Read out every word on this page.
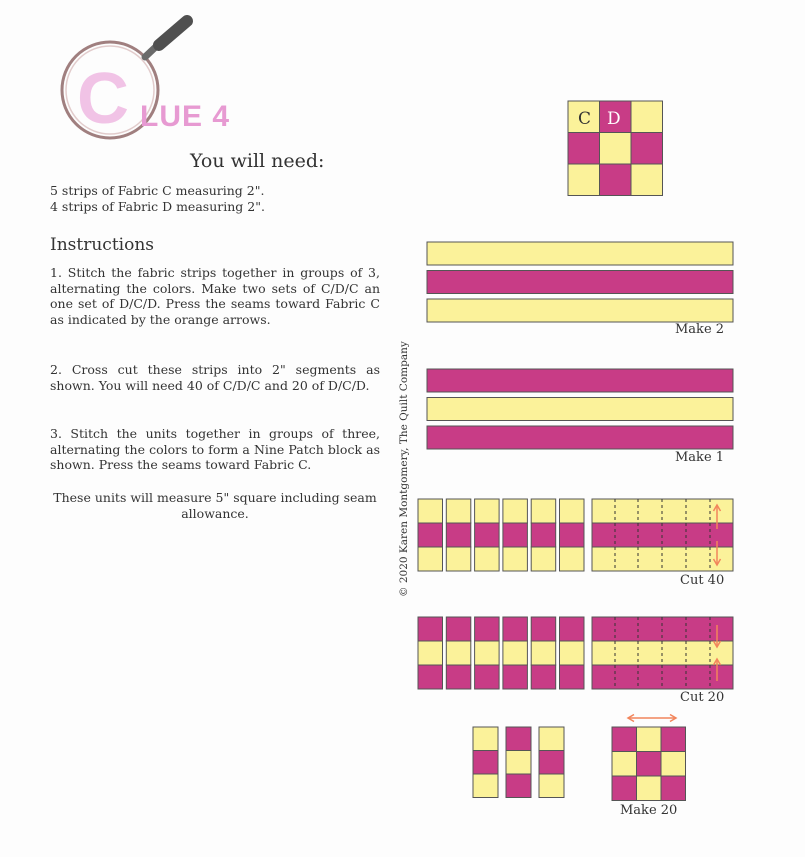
C LUE 4
You will need:
5 strips of Fabric C measuring 2".
4 strips of Fabric D measuring 2".
Instructions
1. Stitch the fabric strips together in groups of 3, alternating the colors. Make two sets of C/D/C an one set of D/C/D. Press the seams toward Fabric C as indicated by the orange arrows.
2. Cross cut these strips into 2" segments as shown. You will need 40 of C/D/C and 20 of D/C/D.
3. Stitch the units together in groups of three, alternating the colors to form a Nine Patch block as shown. Press the seams toward Fabric C.
These units will measure 5" square including seam allowance.	© 2020 Karen Montgomery, The Quilt Company
C D
Make 2
Make 1
Cut 40
Cut 20
Make 20
